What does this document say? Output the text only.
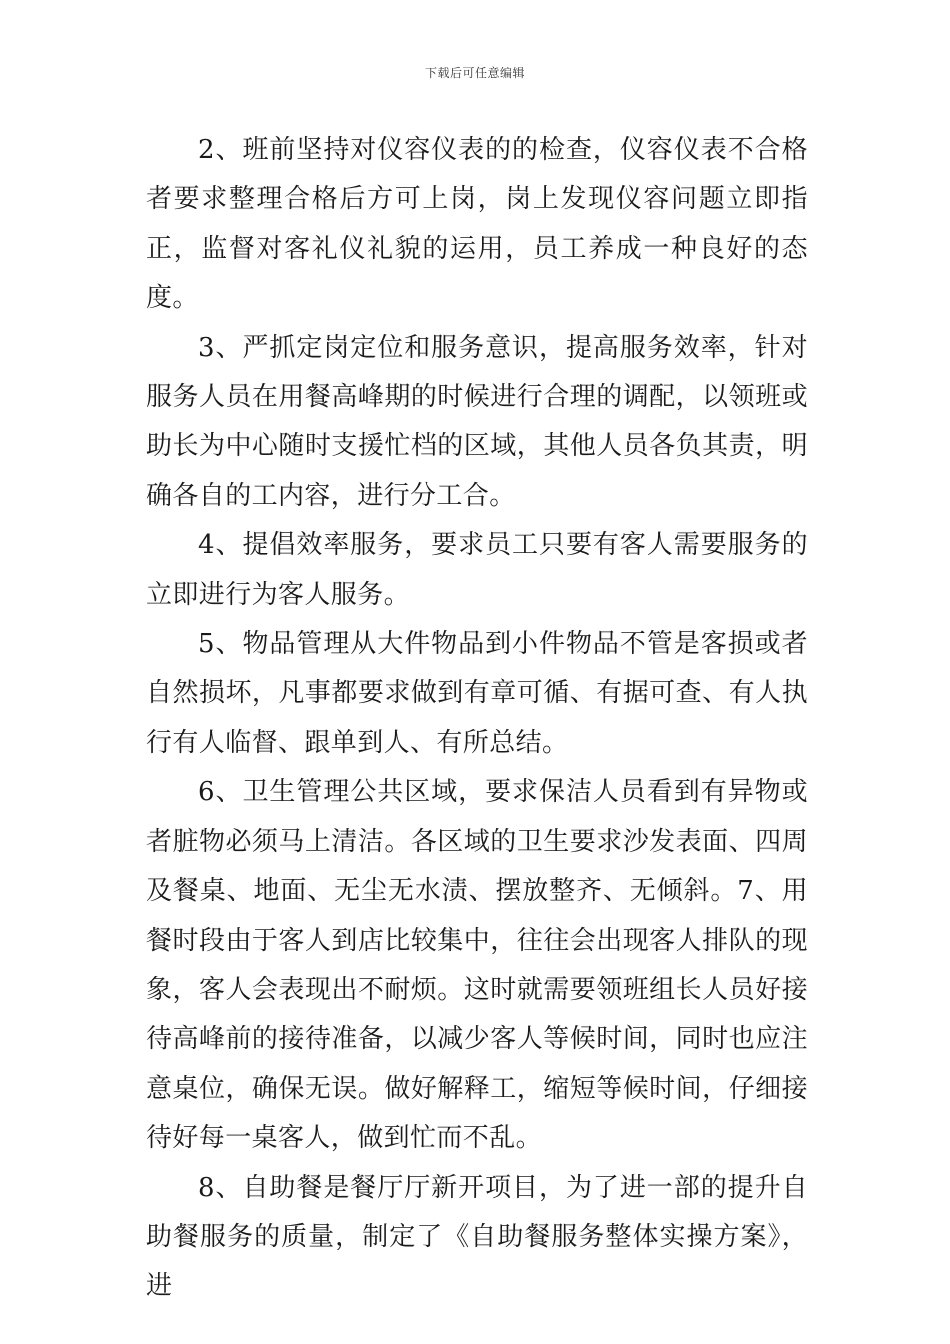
下载后可任意编辑

2、班前坚持对仪容仪表的的检查，仪容仪表不合格者要求整理合格后方可上岗，岗上发现仪容问题立即指正，监督对客礼仪礼貌的运用，员工养成一种良好的态度。

3、严抓定岗定位和服务意识，提高服务效率，针对服务人员在用餐高峰期的时候进行合理的调配，以领班或助长为中心随时支援忙档的区域，其他人员各负其责，明确各自的工内容，进行分工合。

4、提倡效率服务，要求员工只要有客人需要服务的立即进行为客人服务。

5、物品管理从大件物品到小件物品不管是客损或者自然损坏，凡事都要求做到有章可循、有据可查、有人执行有人临督、跟单到人、有所总结。

6、卫生管理公共区域，要求保洁人员看到有异物或者脏物必须马上清洁。各区域的卫生要求沙发表面、四周及餐桌、地面、无尘无水渍、摆放整齐、无倾斜。7、用餐时段由于客人到店比较集中，往往会出现客人排队的现象，客人会表现出不耐烦。这时就需要领班组长人员好接待高峰前的接待准备，以减少客人等候时间，同时也应注意桌位，确保无误。做好解释工，缩短等候时间，仔细接待好每一桌客人，做到忙而不乱。

8、自助餐是餐厅厅新开项目，为了进一部的提升自助餐服务的质量，制定了《自助餐服务整体实操方案》，进
